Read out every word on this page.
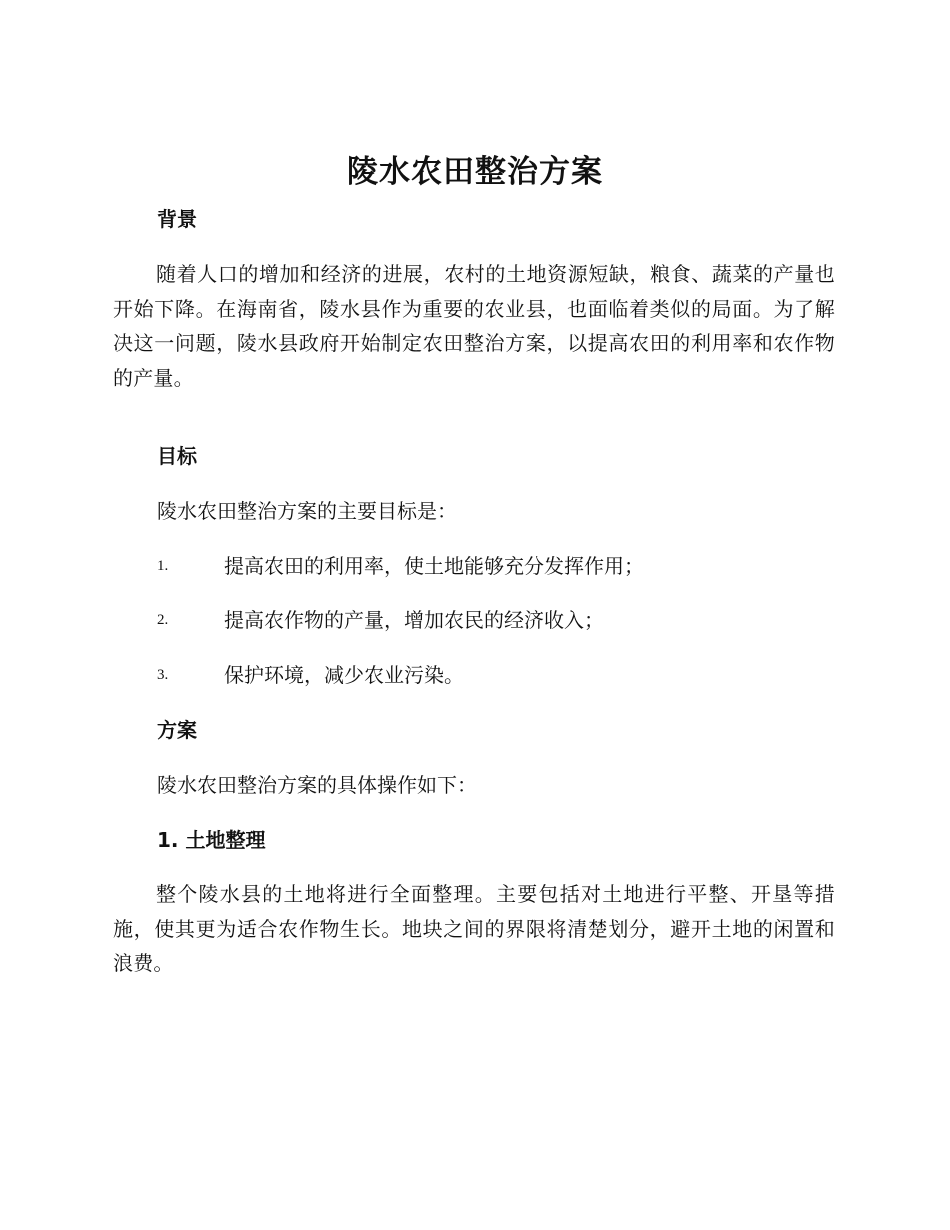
陵水农田整治方案
背景

随着人口的增加和经济的进展，农村的土地资源短缺，粮食、蔬菜的产量也开始下降。在海南省，陵水县作为重要的农业县，也面临着类似的局面。为了解决这一问题，陵水县政府开始制定农田整治方案，以提高农田的利用率和农作物的产量。

目标

陵水农田整治方案的主要目标是：

1.	提高农田的利用率，使土地能够充分发挥作用；
2.	提高农作物的产量，增加农民的经济收入；
3.	保护环境，减少农业污染。
方案

陵水农田整治方案的具体操作如下：

1. 土地整理

整个陵水县的土地将进行全面整理。主要包括对土地进行平整、开垦等措施，使其更为适合农作物生长。地块之间的界限将清楚划分，避开土地的闲置和浪费。
